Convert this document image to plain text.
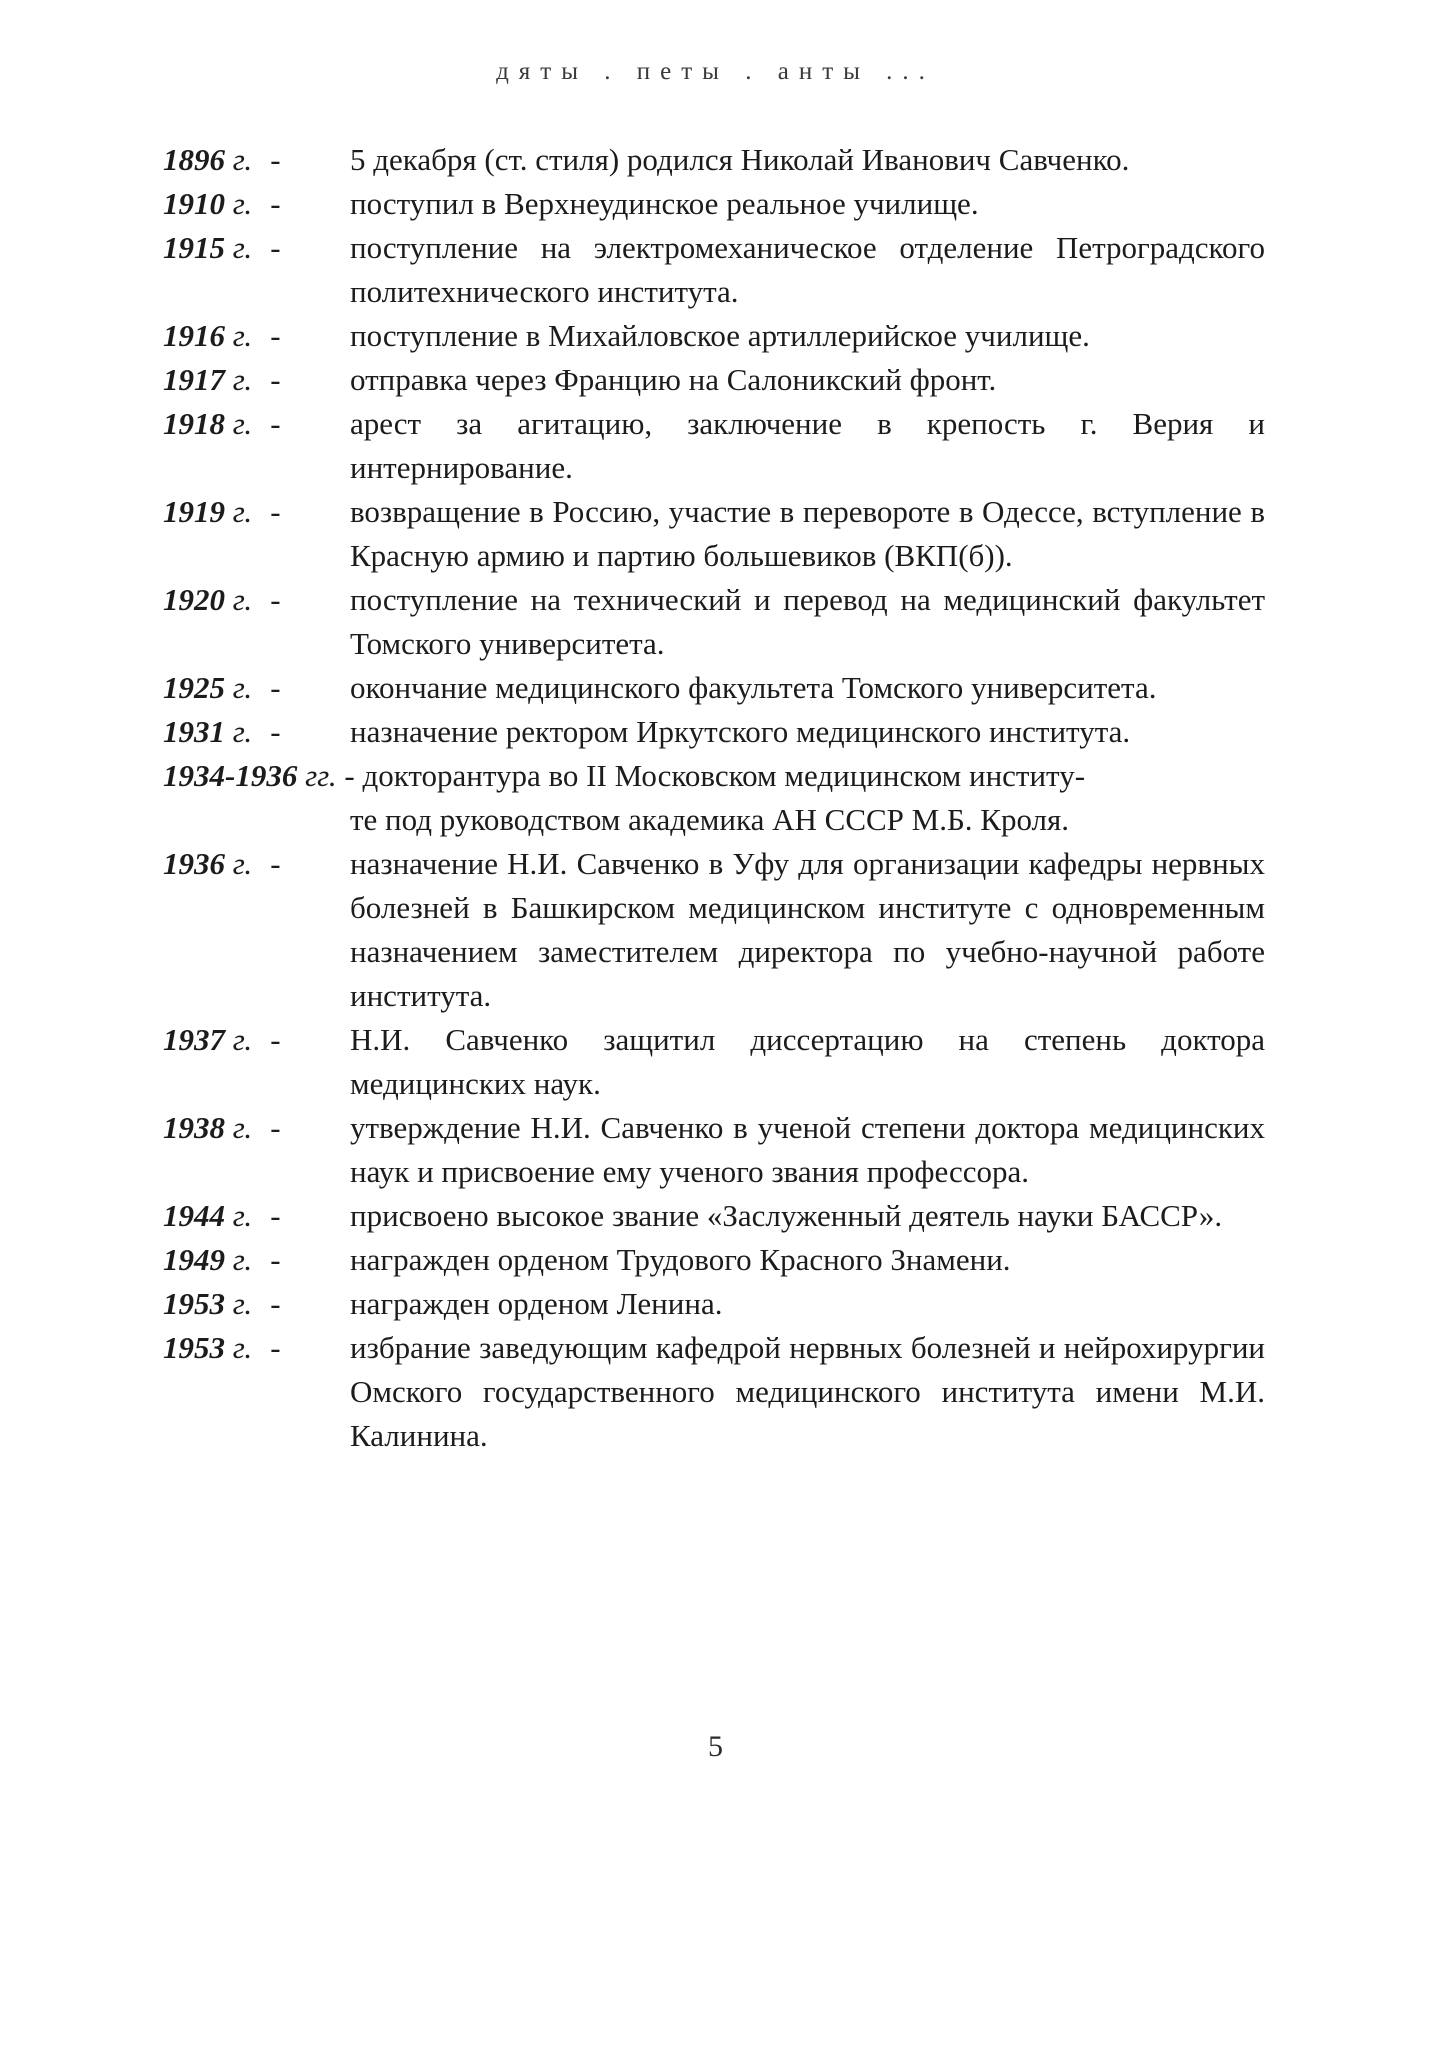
дяты . петы . анты ...

1896 г. - 5 декабря (ст. стиля) родился Николай Иванович Савченко.

1910 г. - поступил в Верхнеудинское реальное училище.

1915 г. - поступление на электромеханическое отделение Петроградского политехнического института.

1916 г. - поступление в Михайловское артиллерийское училище.

1917 г. - отправка через Францию на Салоникский фронт.

1918 г. - арест за агитацию, заключение в крепость г. Верия и интернирование.

1919 г. - возвращение в Россию, участие в перевороте в Одессе, вступление в Красную армию и партию большевиков (ВКП(б)).

1920 г. - поступление на технический и перевод на медицинский факультет Томского университета.

1925 г. - окончание медицинского факультета Томского университета.

1931 г. - назначение ректором Иркутского медицинского института.

1934-1936 гг. - докторантура во II Московском медицинском институ-
те под руководством академика АН СССР М.Б. Кроля.

1936 г. - назначение Н.И. Савченко в Уфу для организации кафедры нервных болезней в Башкирском медицинском институте с одновременным назначением заместителем директора по учебно-научной работе института.

1937 г. - Н.И. Савченко защитил диссертацию на степень доктора медицинских наук.

1938 г. - утверждение Н.И. Савченко в ученой степени доктора медицинских наук и присвоение ему ученого звания профессора.

1944 г. - присвоено высокое звание «Заслуженный деятель науки БАССР».

1949 г. - награжден орденом Трудового Красного Знамени.

1953 г. - награжден орденом Ленина.

1953 г. - избрание заведующим кафедрой нервных болезней и нейрохирургии Омского государственного медицинского института имени М.И. Калинина.

5
